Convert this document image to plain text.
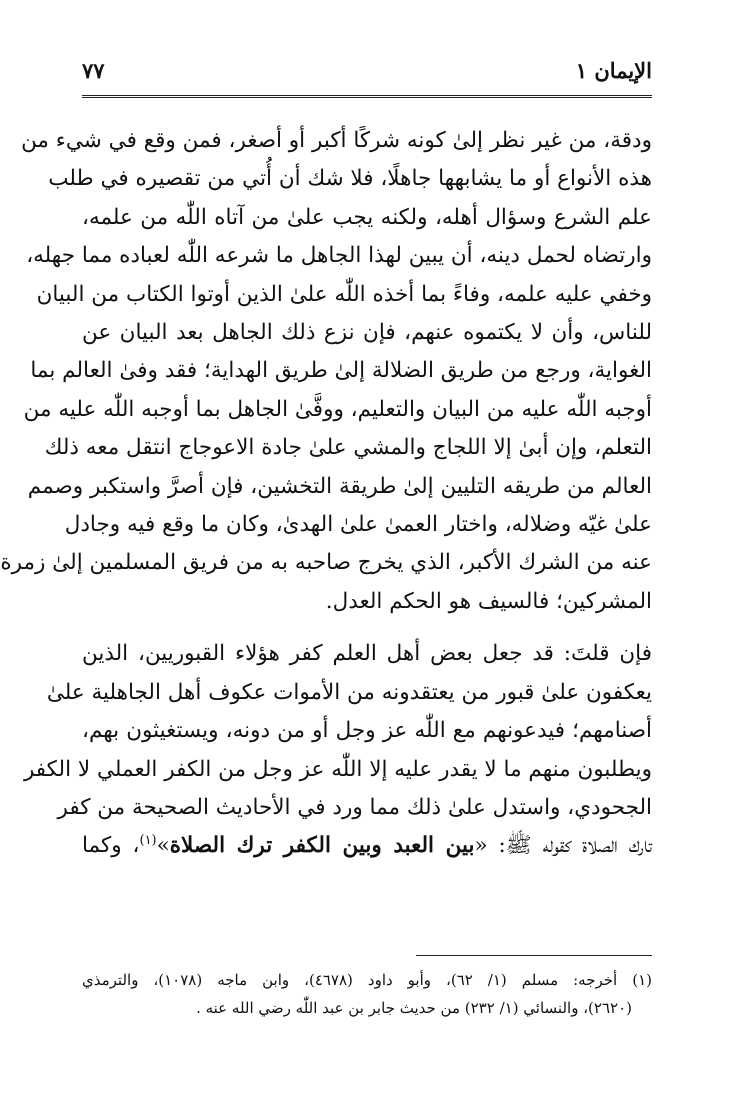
الإيمان ١
٧٧
ودقة، من غير نظر إلىٰ كونه شركًا أكبر أو أصغر، فمن وقع في شيء من
هذه الأنواع أو ما يشابهها جاهلًا، فلا شك أن أُتي من تقصيره في طلب
علم الشرع وسؤال أهله، ولكنه يجب علىٰ من آتاه اللّٰه من علمه،
وارتضاه لحمل دينه، أن يبين لهذا الجاهل ما شرعه اللّٰه لعباده مما جهله،
وخفي عليه علمه، وفاءً بما أخذه اللّٰه علىٰ الذين أوتوا الكتاب من البيان
للناس، وأن لا يكتموه عنهم، فإن نزع ذلك الجاهل بعد البيان عن
الغواية، ورجع من طريق الضلالة إلىٰ طريق الهداية؛ فقد وفىٰ العالم بما
أوجبه اللّٰه عليه من البيان والتعليم، ووفَّىٰ الجاهل بما أوجبه اللّٰه عليه من
التعلم، وإن أبىٰ إلا اللجاج والمشي علىٰ جادة الاعوجاج انتقل معه ذلك
العالم من طريقه التليين إلىٰ طريقة التخشين، فإن أصرَّ واستكبر وصمم
علىٰ غيّه وضلاله، واختار العمىٰ علىٰ الهدىٰ، وكان ما وقع فيه وجادل
عنه من الشرك الأكبر، الذي يخرج صاحبه به من فريق المسلمين إلىٰ زمرة
المشركين؛ فالسيف هو الحكم العدل.
فإن قلتَ: قد جعل بعض أهل العلم كفر هؤلاء القبوريين، الذين
يعكفون علىٰ قبور من يعتقدونه من الأموات عكوف أهل الجاهلية علىٰ
أصنامهم؛ فيدعونهم مع اللّٰه عز وجل أو من دونه، ويستغيثون بهم،
ويطلبون منهم ما لا يقدر عليه إلا اللّٰه عز وجل من الكفر العملي لا الكفر
الجحودي، واستدل علىٰ ذلك مما ورد في الأحاديث الصحيحة من كفر
تارك الصلاة كقوله ﷺ: «بين العبد وبين الكفر ترك الصلاة»$^{(١)}$، وكما
(١) أخرجه: مسلم (١/ ٦٢)، وأبو داود (٤٦٧٨)، وابن ماجه (١٠٧٨)، والترمذي
(٢٦٢٠)، والنسائي (١/ ٢٣٢) من حديث جابر بن عبد اللّٰه رضي الله عنه .
